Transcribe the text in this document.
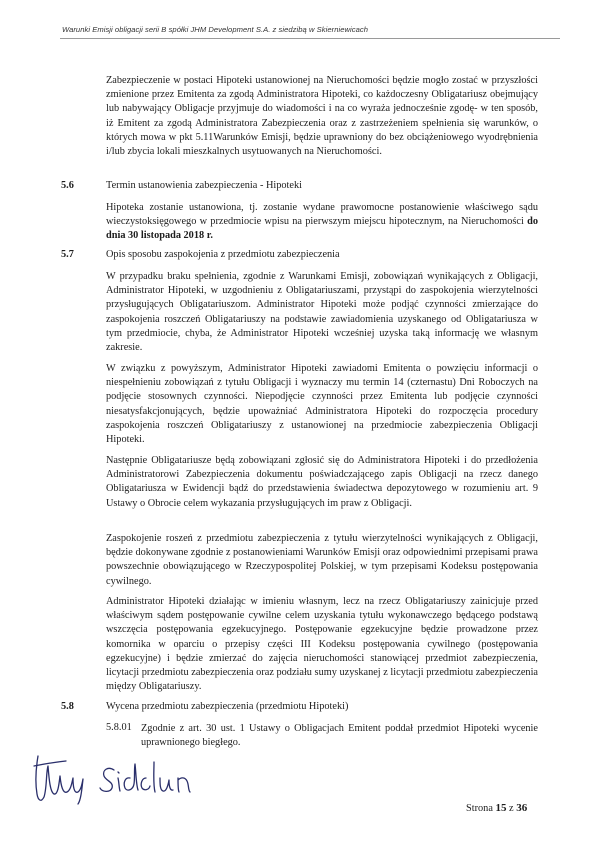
Warunki Emisji obligacji serii B spółki JHM Development S.A. z siedzibą w Skierniewicach

Zabezpieczenie w postaci Hipoteki ustanowionej na Nieruchomości będzie mogło zostać w przyszłości zmienione przez Emitenta za zgodą Administratora Hipoteki, co każdoczesny Obligatariusz obejmujący lub nabywający Obligacje przyjmuje do wiadomości i na co wyraża jednocześnie zgodę- w ten sposób, iż Emitent za zgodą Administratora Zabezpieczenia oraz z zastrzeżeniem spełnienia się warunków, o których mowa w pkt 5.11Warunków Emisji, będzie uprawniony do bez obciążeniowego wyodrębnienia i/lub zbycia lokali mieszkalnych usytuowanych na Nieruchomości.

5.6	Termin ustanowienia zabezpieczenia - Hipoteki

Hipoteka zostanie ustanowiona, tj. zostanie wydane prawomocne postanowienie właściwego sądu wieczystoksięgowego w przedmiocie wpisu na pierwszym miejscu hipotecznym, na Nieruchomości do dnia 30 listopada 2018 r.

5.7	Opis sposobu zaspokojenia z przedmiotu zabezpieczenia

W przypadku braku spełnienia, zgodnie z Warunkami Emisji, zobowiązań wynikających z Obligacji, Administrator Hipoteki, w uzgodnieniu z Obligatariuszami, przystąpi do zaspokojenia wierzytelności przysługujących Obligatariuszom. Administrator Hipoteki może podjąć czynności zmierzające do zaspokojenia roszczeń Obligatariuszy na podstawie zawiadomienia uzyskanego od Obligatariusza w tym przedmiocie, chyba, że Administrator Hipoteki wcześniej uzyska taką informację we własnym zakresie.

W związku z powyższym, Administrator Hipoteki zawiadomi Emitenta o powzięciu informacji o niespełnieniu zobowiązań z tytułu Obligacji i wyznaczy mu termin 14 (czternastu) Dni Roboczych na podjęcie stosownych czynności. Niepodjęcie czynności przez Emitenta lub podjęcie czynności niesatysfakcjonujących, będzie upoważniać Administratora Hipoteki do rozpoczęcia procedury zaspokojenia roszczeń Obligatariuszy z ustanowionej na przedmiocie zabezpieczenia Obligacji Hipoteki.

Następnie Obligatariusze będą zobowiązani zgłosić się do Administratora Hipoteki i do przedłożenia Administratorowi Zabezpieczenia dokumentu poświadczającego zapis Obligacji na rzecz danego Obligatariusza w Ewidencji bądź do przedstawienia świadectwa depozytowego w rozumieniu art. 9 Ustawy o Obrocie celem wykazania przysługujących im praw z Obligacji.

Zaspokojenie roszeń z przedmiotu zabezpieczenia z tytułu wierzytelności wynikających z Obligacji, będzie dokonywane zgodnie z postanowieniami Warunków Emisji oraz odpowiednimi przepisami prawa powszechnie obowiązującego w Rzeczypospolitej Polskiej, w tym przepisami Kodeksu postępowania cywilnego.

Administrator Hipoteki działając w imieniu własnym, lecz na rzecz Obligatariuszy zainicjuje przed właściwym sądem postępowanie cywilne celem uzyskania tytułu wykonawczego będącego podstawą wszczęcia postępowania egzekucyjnego. Postępowanie egzekucyjne będzie prowadzone przez komornika w oparciu o przepisy części III Kodeksu postępowania cywilnego (postępowania egzekucyjne) i będzie zmierzać do zajęcia nieruchomości stanowiącej przedmiot zabezpieczenia, licytacji przedmiotu zabezpieczenia oraz podziału sumy uzyskanej z licytacji przedmiotu zabezpieczenia między Obligatariuszy.

5.8	Wycena przedmiotu zabezpieczenia (przedmiotu Hipoteki)
5.8.01 Zgodnie z art. 30 ust. 1 Ustawy o Obligacjach Emitent poddał przedmiot Hipoteki wycenie uprawnionego biegłego.

Strona 15 z 36
